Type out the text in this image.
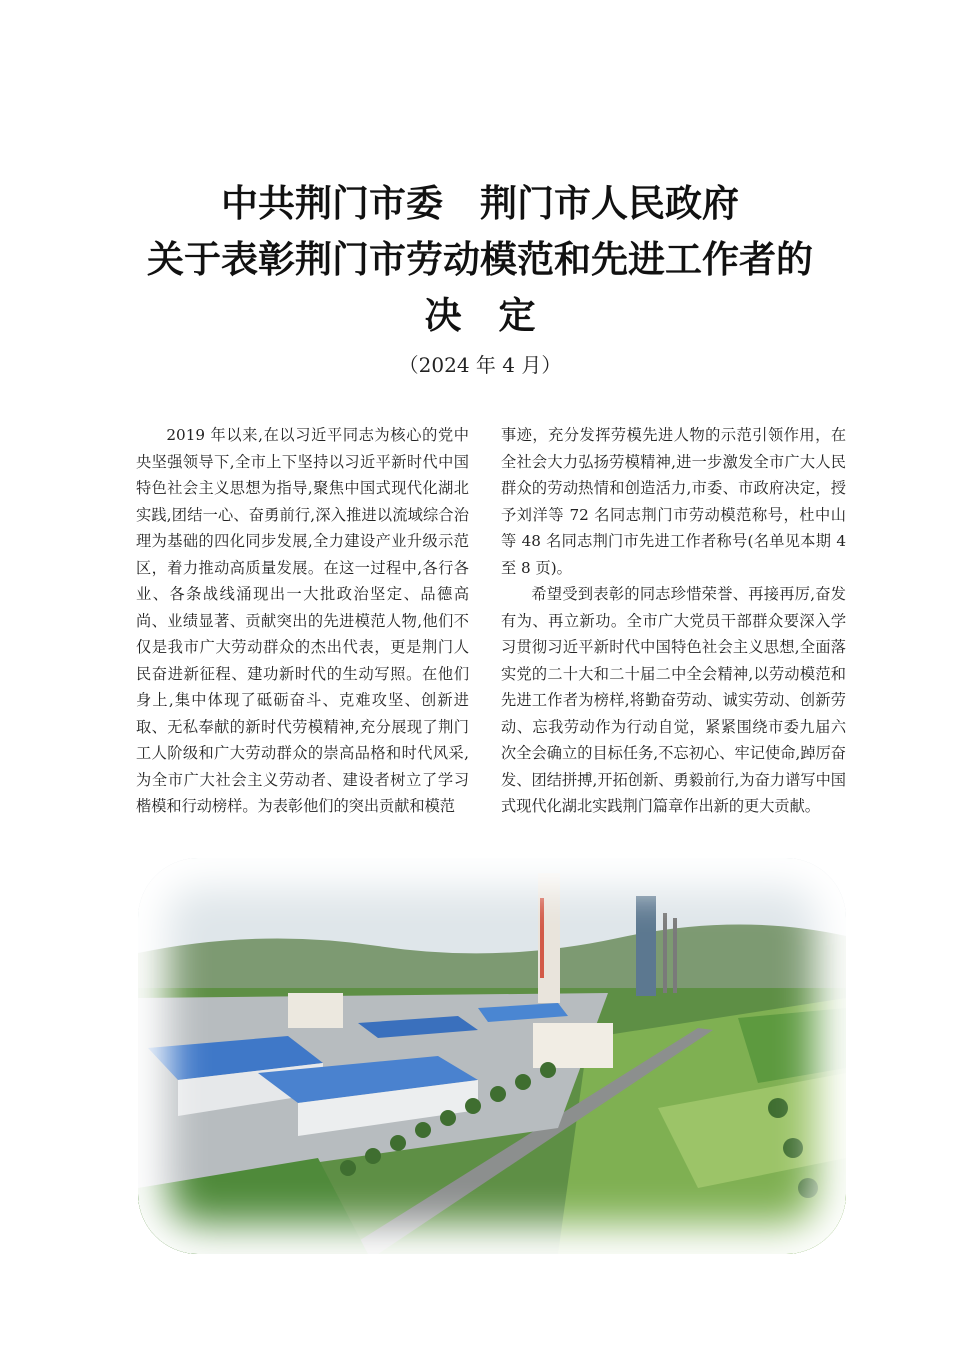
中共荆门市委　荆门市人民政府
关于表彰荆门市劳动模范和先进工作者的
决　定
（2024 年 4 月）

2019 年以来,在以习近平同志为核心的党中央坚强领导下,全市上下坚持以习近平新时代中国特色社会主义思想为指导,聚焦中国式现代化湖北实践,团结一心、奋勇前行,深入推进以流域综合治理为基础的四化同步发展,全力建设产业升级示范区，着力推动高质量发展。在这一过程中,各行各业、各条战线涌现出一大批政治坚定、品德高尚、业绩显著、贡献突出的先进模范人物,他们不仅是我市广大劳动群众的杰出代表，更是荆门人民奋进新征程、建功新时代的生动写照。在他们身上,集中体现了砥砺奋斗、克难攻坚、创新进取、无私奉献的新时代劳模精神,充分展现了荆门工人阶级和广大劳动群众的崇高品格和时代风采,为全市广大社会主义劳动者、建设者树立了学习楷模和行动榜样。为表彰他们的突出贡献和模范

事迹，充分发挥劳模先进人物的示范引领作用，在全社会大力弘扬劳模精神,进一步激发全市广大人民群众的劳动热情和创造活力,市委、市政府决定，授予刘洋等 72 名同志荆门市劳动模范称号，杜中山等 48 名同志荆门市先进工作者称号(名单见本期 4 至 8 页)。

希望受到表彰的同志珍惜荣誉、再接再厉,奋发有为、再立新功。全市广大党员干部群众要深入学习贯彻习近平新时代中国特色社会主义思想,全面落实党的二十大和二十届二中全会精神,以劳动模范和先进工作者为榜样,将勤奋劳动、诚实劳动、创新劳动、忘我劳动作为行动自觉，紧紧围绕市委九届六次全会确立的目标任务,不忘初心、牢记使命,踔厉奋发、团结拼搏,开拓创新、勇毅前行,为奋力谱写中国式现代化湖北实践荆门篇章作出新的更大贡献。
